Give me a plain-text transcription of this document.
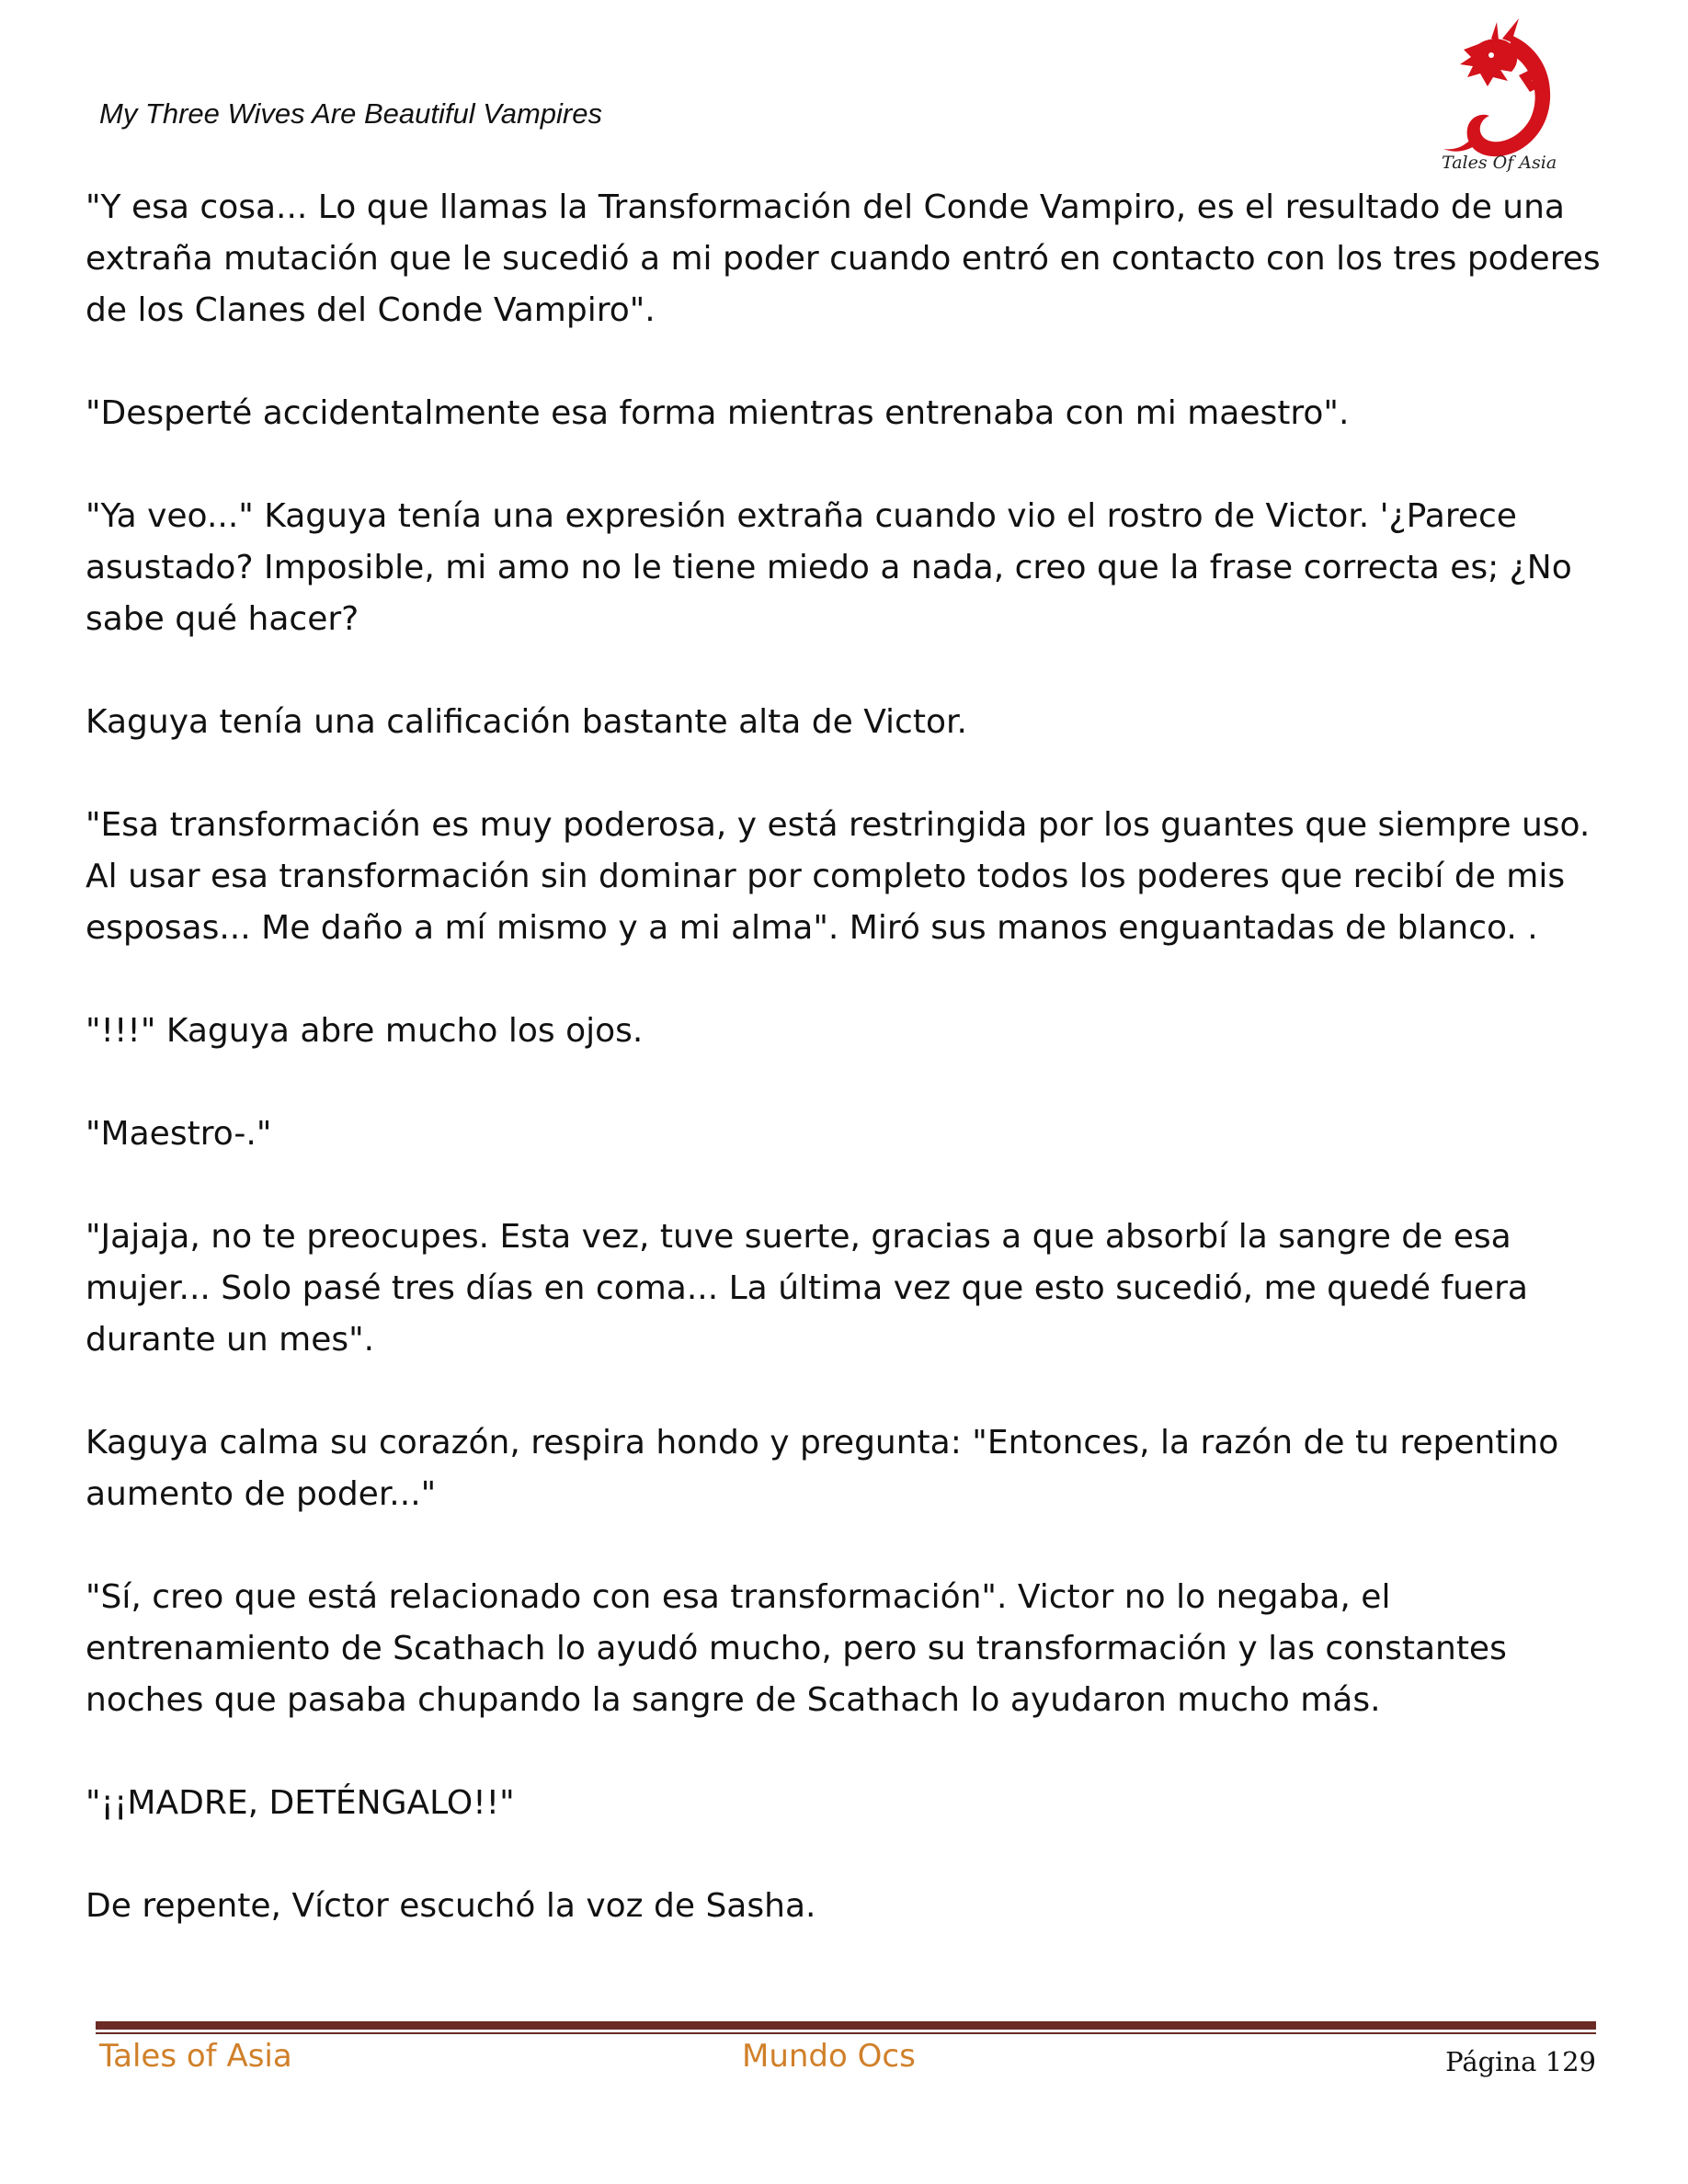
My Three Wives Are Beautiful Vampires
Tales Of Asia

"Y esa cosa... Lo que llamas la Transformación del Conde Vampiro, es el resultado de una extraña mutación que le sucedió a mi poder cuando entró en contacto con los tres poderes de los Clanes del Conde Vampiro".

"Desperté accidentalmente esa forma mientras entrenaba con mi maestro".

"Ya veo..." Kaguya tenía una expresión extraña cuando vio el rostro de Victor. '¿Parece asustado? Imposible, mi amo no le tiene miedo a nada, creo que la frase correcta es; ¿No sabe qué hacer?

Kaguya tenía una calificación bastante alta de Victor.

"Esa transformación es muy poderosa, y está restringida por los guantes que siempre uso. Al usar esa transformación sin dominar por completo todos los poderes que recibí de mis esposas... Me daño a mí mismo y a mi alma". Miró sus manos enguantadas de blanco. .

"!!!" Kaguya abre mucho los ojos.

"Maestro-."

"Jajaja, no te preocupes. Esta vez, tuve suerte, gracias a que absorbí la sangre de esa mujer... Solo pasé tres días en coma... La última vez que esto sucedió, me quedé fuera durante un mes".

Kaguya calma su corazón, respira hondo y pregunta: "Entonces, la razón de tu repentino aumento de poder..."

"Sí, creo que está relacionado con esa transformación". Victor no lo negaba, el entrenamiento de Scathach lo ayudó mucho, pero su transformación y las constantes noches que pasaba chupando la sangre de Scathach lo ayudaron mucho más.

"¡¡MADRE, DETÉNGALO!!"

De repente, Víctor escuchó la voz de Sasha.

Tales of Asia	Mundo Ocs	Página 129
